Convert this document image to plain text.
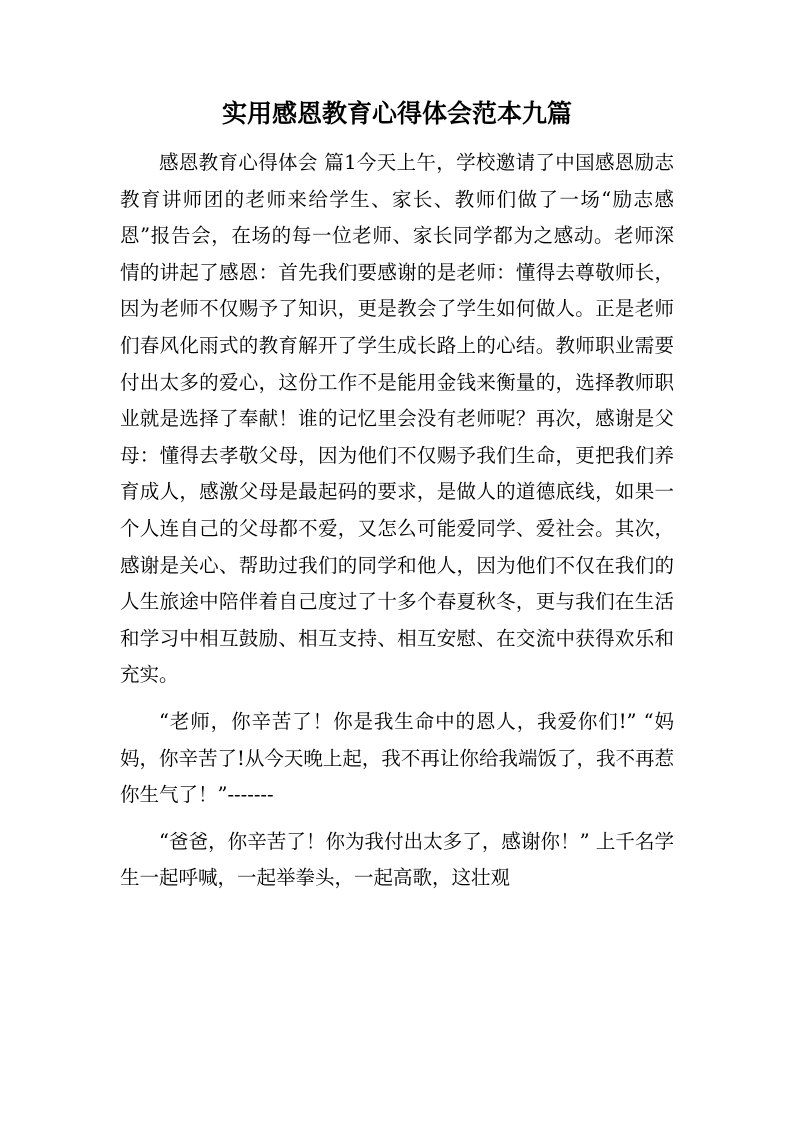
实用感恩教育心得体会范本九篇

感恩教育心得体会 篇1今天上午，学校邀请了中国感恩励志教育讲师团的老师来给学生、家长、教师们做了一场“励志感恩”报告会，在场的每一位老师、家长同学都为之感动。老师深情的讲起了感恩：首先我们要感谢的是老师：懂得去尊敬师长，因为老师不仅赐予了知识，更是教会了学生如何做人。正是老师们春风化雨式的教育解开了学生成长路上的心结。教师职业需要付出太多的爱心，这份工作不是能用金钱来衡量的，选择教师职业就是选择了奉献！谁的记忆里会没有老师呢？再次，感谢是父母：懂得去孝敬父母，因为他们不仅赐予我们生命，更把我们养育成人，感激父母是最起码的要求，是做人的道德底线，如果一个人连自己的父母都不爱，又怎么可能爱同学、爱社会。其次，感谢是关心、帮助过我们的同学和他人，因为他们不仅在我们的人生旅途中陪伴着自己度过了十多个春夏秋冬，更与我们在生活和学习中相互鼓励、相互支持、相互安慰、在交流中获得欢乐和充实。

“老师，你辛苦了！你是我生命中的恩人，我爱你们!” “妈妈，你辛苦了!从今天晚上起，我不再让你给我端饭了，我不再惹你生气了！”-------

“爸爸，你辛苦了！你为我付出太多了，感谢你！” 上千名学生一起呼喊，一起举拳头，一起高歌，这壮观
